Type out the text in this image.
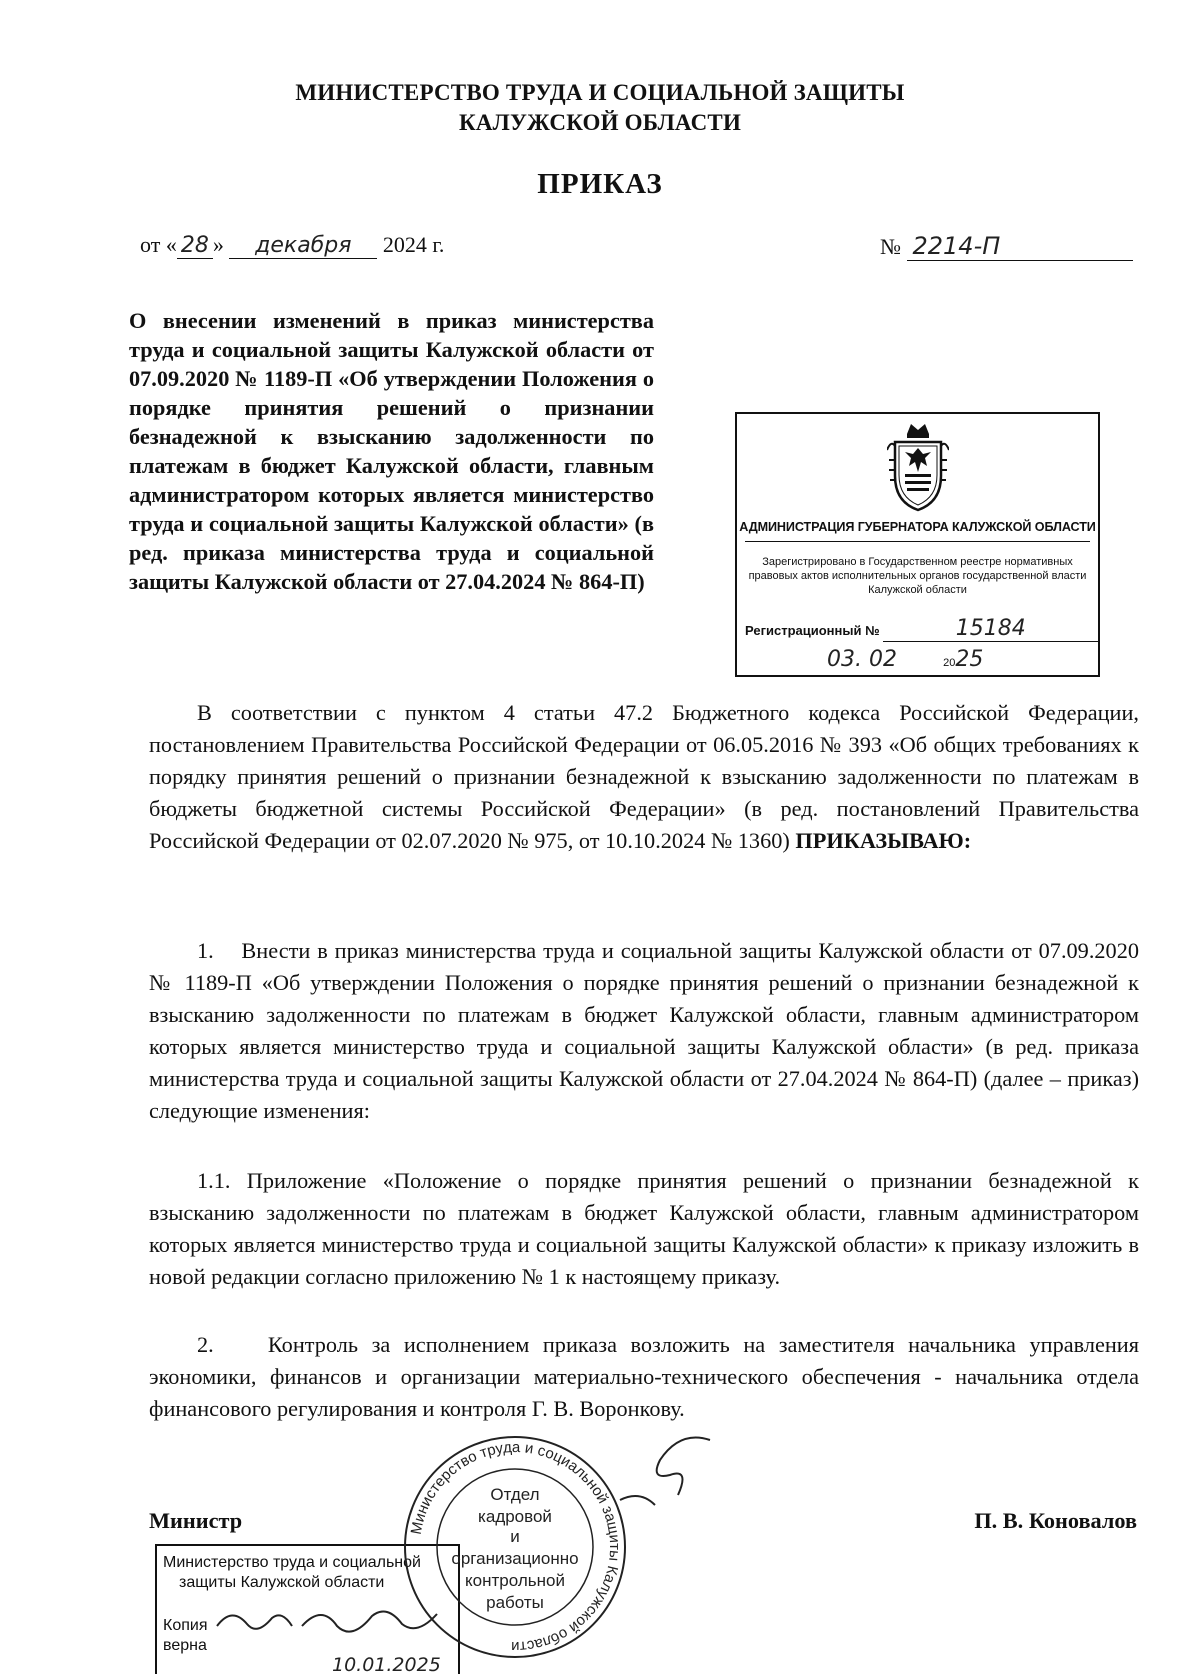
МИНИСТЕРСТВО ТРУДА И СОЦИАЛЬНОЙ ЗАЩИТЫ
КАЛУЖСКОЙ ОБЛАСТИ
ПРИКАЗ
от « 28 » декабря 2024 г.	№ 2214-П
О внесении изменений в приказ министерства труда и социальной защиты Калужской области от 07.09.2020 № 1189-П «Об утверждении Положения о порядке принятия решений о признании безнадежной к взысканию задолженности по платежам в бюджет Калужской области, главным администратором которых является министерство труда и социальной защиты Калужской области» (в ред. приказа министерства труда и социальной защиты Калужской области от 27.04.2024 № 864-П)
АДМИНИСТРАЦИЯ ГУБЕРНАТОРА КАЛУЖСКОЙ ОБЛАСТИ
Зарегистрировано в Государственном реестре нормативных правовых актов исполнительных органов государственной власти Калужской области
Регистрационный №	15184
03. 02	2025
В соответствии с пунктом 4 статьи 47.2 Бюджетного кодекса Российской Федерации, постановлением Правительства Российской Федерации от 06.05.2016 № 393 «Об общих требованиях к порядку принятия решений о признании безнадежной к взысканию задолженности по платежам в бюджеты бюджетной системы Российской Федерации» (в ред. постановлений Правительства Российской Федерации от 02.07.2020 № 975, от 10.10.2024 № 1360) ПРИКАЗЫВАЮ:
1.    Внести в приказ министерства труда и социальной защиты Калужской области от 07.09.2020 № 1189-П «Об утверждении Положения о порядке принятия решений о признании безнадежной к взысканию задолженности по платежам в бюджет Калужской области, главным администратором которых является министерство труда и социальной защиты Калужской области» (в ред. приказа министерства труда и социальной защиты Калужской области от 27.04.2024 № 864-П) (далее – приказ) следующие изменения:
1.1. Приложение «Положение о порядке принятия решений о признании безнадежной к взысканию задолженности по платежам в бюджет Калужской области, главным администратором которых является министерство труда и социальной защиты Калужской области» к приказу изложить в новой редакции согласно приложению № 1 к настоящему приказу.
2.    Контроль за исполнением приказа возложить на заместителя начальника управления экономики, финансов и организации материально-технического обеспечения - начальника отдела финансового регулирования и контроля Г. В. Воронкову.
Министр	П. В. Коновалов
Министерство труда и социальной
защиты Калужской области
Копия
верна
10.01.2025
Министерство труда и социальной защиты Калужской области
Отдел
кадровой
и
организационно
контрольной
работы
